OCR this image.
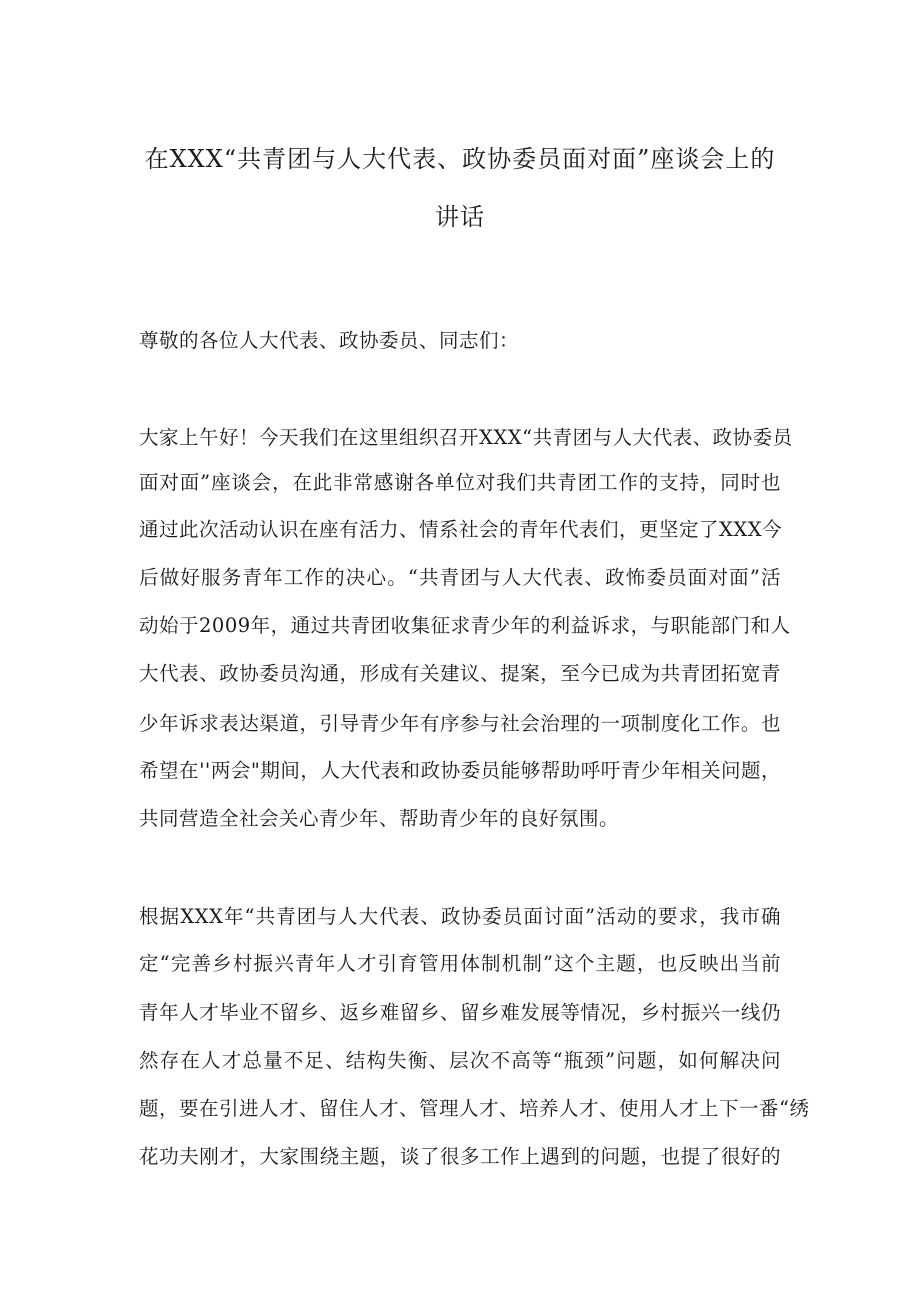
在XXX“共青团与人大代表、政协委员面对面”座谈会上的
讲话
尊敬的各位人大代表、政协委员、同志们：
大家上午好！今天我们在这里组织召开XXX“共青团与人大代表、政协委员
面对面”座谈会，在此非常感谢各单位对我们共青团工作的支持，同时也
通过此次活动认识在座有活力、情系社会的青年代表们，更坚定了XXX今
后做好服务青年工作的决心。“共青团与人大代表、政怖委员面对面”活
动始于2009年，通过共青团收集征求青少年的利益诉求，与职能部门和人
大代表、政协委员沟通，形成有关建议、提案，至今已成为共青团拓宽青
少年诉求表达渠道，引导青少年有序参与社会治理的一项制度化工作。也
希望在''两会"期间，人大代表和政协委员能够帮助呼吁青少年相关问题，
共同营造全社会关心青少年、帮助青少年的良好氛围。
根据XXX年“共青团与人大代表、政协委员面讨面”活动的要求，我市确
定“完善乡村振兴青年人才引育管用体制机制”这个主题，也反映出当前
青年人才毕业不留乡、返乡难留乡、留乡难发展等情况，乡村振兴一线仍
然存在人才总量不足、结构失衡、层次不高等“瓶颈”问题，如何解决问
题，要在引进人才、留住人才、管理人才、培养人才、使用人才上下一番“绣
花功夫刚才，大家围绕主题，谈了很多工作上遇到的问题，也提了很好的
